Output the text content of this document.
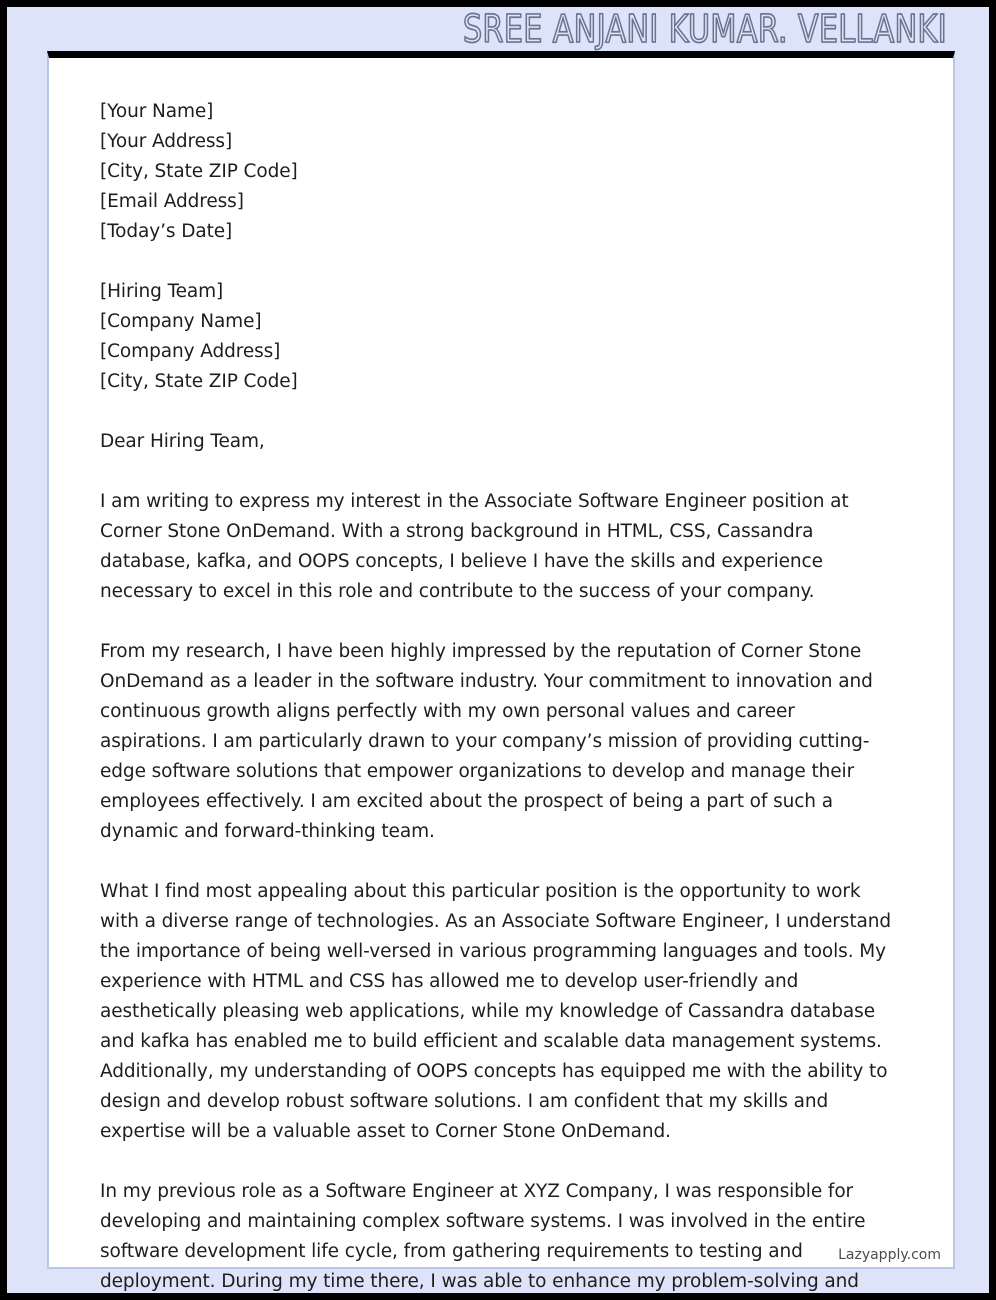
SREE ANJANI KUMAR. VELLANKI
[Your Name]
[Your Address]
[City, State ZIP Code]
[Email Address]
[Today’s Date]
[Hiring Team]
[Company Name]
[Company Address]
[City, State ZIP Code]

Dear Hiring Team,

I am writing to express my interest in the Associate Software Engineer position at Corner Stone OnDemand. With a strong background in HTML, CSS, Cassandra database, kafka, and OOPS concepts, I believe I have the skills and experience necessary to excel in this role and contribute to the success of your company.

From my research, I have been highly impressed by the reputation of Corner Stone OnDemand as a leader in the software industry. Your commitment to innovation and continuous growth aligns perfectly with my own personal values and career aspirations. I am particularly drawn to your company’s mission of providing cutting-edge software solutions that empower organizations to develop and manage their employees effectively. I am excited about the prospect of being a part of such a dynamic and forward-thinking team.

What I find most appealing about this particular position is the opportunity to work with a diverse range of technologies. As an Associate Software Engineer, I understand the importance of being well-versed in various programming languages and tools. My experience with HTML and CSS has allowed me to develop user-friendly and aesthetically pleasing web applications, while my knowledge of Cassandra database and kafka has enabled me to build efficient and scalable data management systems. Additionally, my understanding of OOPS concepts has equipped me with the ability to design and develop robust software solutions. I am confident that my skills and expertise will be a valuable asset to Corner Stone OnDemand.

In my previous role as a Software Engineer at XYZ Company, I was responsible for developing and maintaining complex software systems. I was involved in the entire software development life cycle, from gathering requirements to testing and deployment. During my time there, I was able to enhance my problem-solving and

Lazyapply.com
